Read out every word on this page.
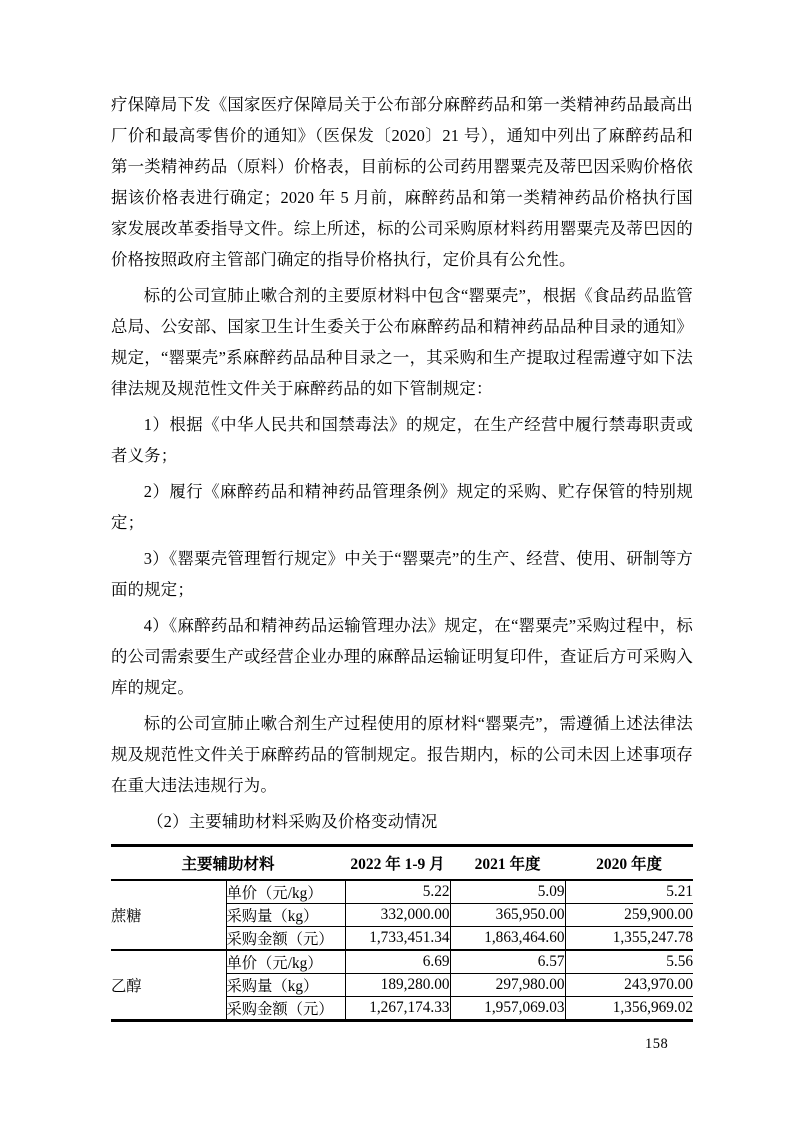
疗保障局下发《国家医疗保障局关于公布部分麻醉药品和第一类精神药品最高出厂价和最高零售价的通知》（医保发〔2020〕21 号），通知中列出了麻醉药品和第一类精神药品（原料）价格表，目前标的公司药用罂粟壳及蒂巴因采购价格依据该价格表进行确定；2020 年 5 月前，麻醉药品和第一类精神药品价格执行国家发展改革委指导文件。综上所述，标的公司采购原材料药用罂粟壳及蒂巴因的价格按照政府主管部门确定的指导价格执行，定价具有公允性。

标的公司宣肺止嗽合剂的主要原材料中包含“罂粟壳”，根据《食品药品监管总局、公安部、国家卫生计生委关于公布麻醉药品和精神药品品种目录的通知》规定，“罂粟壳”系麻醉药品品种目录之一，其采购和生产提取过程需遵守如下法律法规及规范性文件关于麻醉药品的如下管制规定：

1）根据《中华人民共和国禁毒法》的规定，在生产经营中履行禁毒职责或者义务；

2）履行《麻醉药品和精神药品管理条例》规定的采购、贮存保管的特别规定；

3）《罂粟壳管理暂行规定》中关于“罂粟壳”的生产、经营、使用、研制等方面的规定；

4）《麻醉药品和精神药品运输管理办法》规定，在“罂粟壳”采购过程中，标的公司需索要生产或经营企业办理的麻醉品运输证明复印件，查证后方可采购入库的规定。

标的公司宣肺止嗽合剂生产过程使用的原材料“罂粟壳”，需遵循上述法律法规及规范性文件关于麻醉药品的管制规定。报告期内，标的公司未因上述事项存在重大违法违规行为。

（2）主要辅助材料采购及价格变动情况

主要辅助材料		2022 年 1-9 月	2021 年度	2020 年度
蔗糖	单价（元/kg）	5.22	5.09	5.21
	采购量（kg）	332,000.00	365,950.00	259,900.00
	采购金额（元）	1,733,451.34	1,863,464.60	1,355,247.78
乙醇	单价（元/kg）	6.69	6.57	5.56
	采购量（kg）	189,280.00	297,980.00	243,970.00
	采购金额（元）	1,267,174.33	1,957,069.03	1,356,969.02
158
